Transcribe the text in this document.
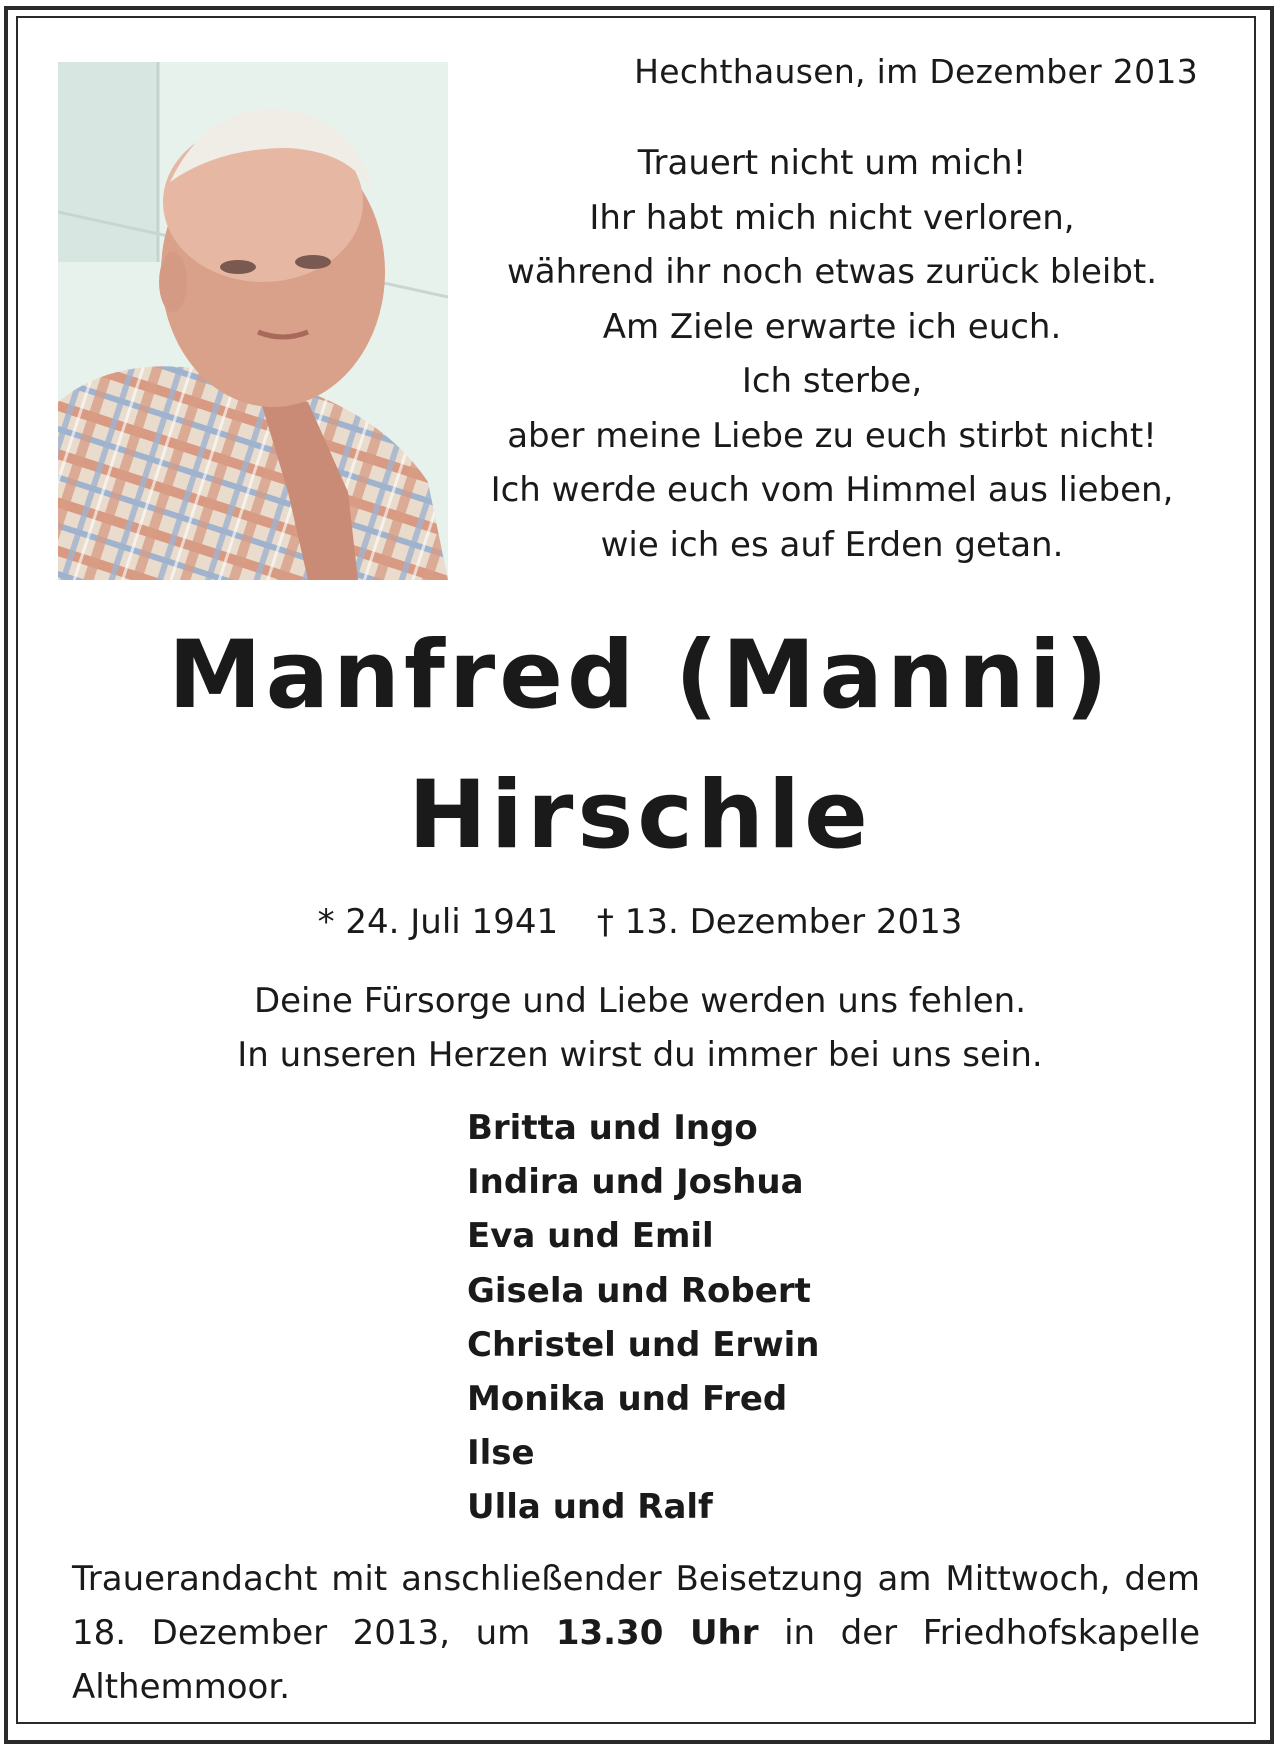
Hechthausen, im Dezember 2013
Trauert nicht um mich!
Ihr habt mich nicht verloren,
während ihr noch etwas zurück bleibt.
Am Ziele erwarte ich euch.
Ich sterbe,
aber meine Liebe zu euch stirbt nicht!
Ich werde euch vom Himmel aus lieben,
wie ich es auf Erden getan.
Manfred (Manni)
Hirschle
* 24. Juli 1941 † 13. Dezember 2013
Deine Fürsorge und Liebe werden uns fehlen.
In unseren Herzen wirst du immer bei uns sein.
Britta und Ingo
Indira und Joshua
Eva und Emil
Gisela und Robert
Christel und Erwin
Monika und Fred
Ilse
Ulla und Ralf
Trauerandacht mit anschließender Beisetzung am Mittwoch, dem 18. Dezember 2013, um 13.30 Uhr in der Friedhofskapelle Althemmoor.
